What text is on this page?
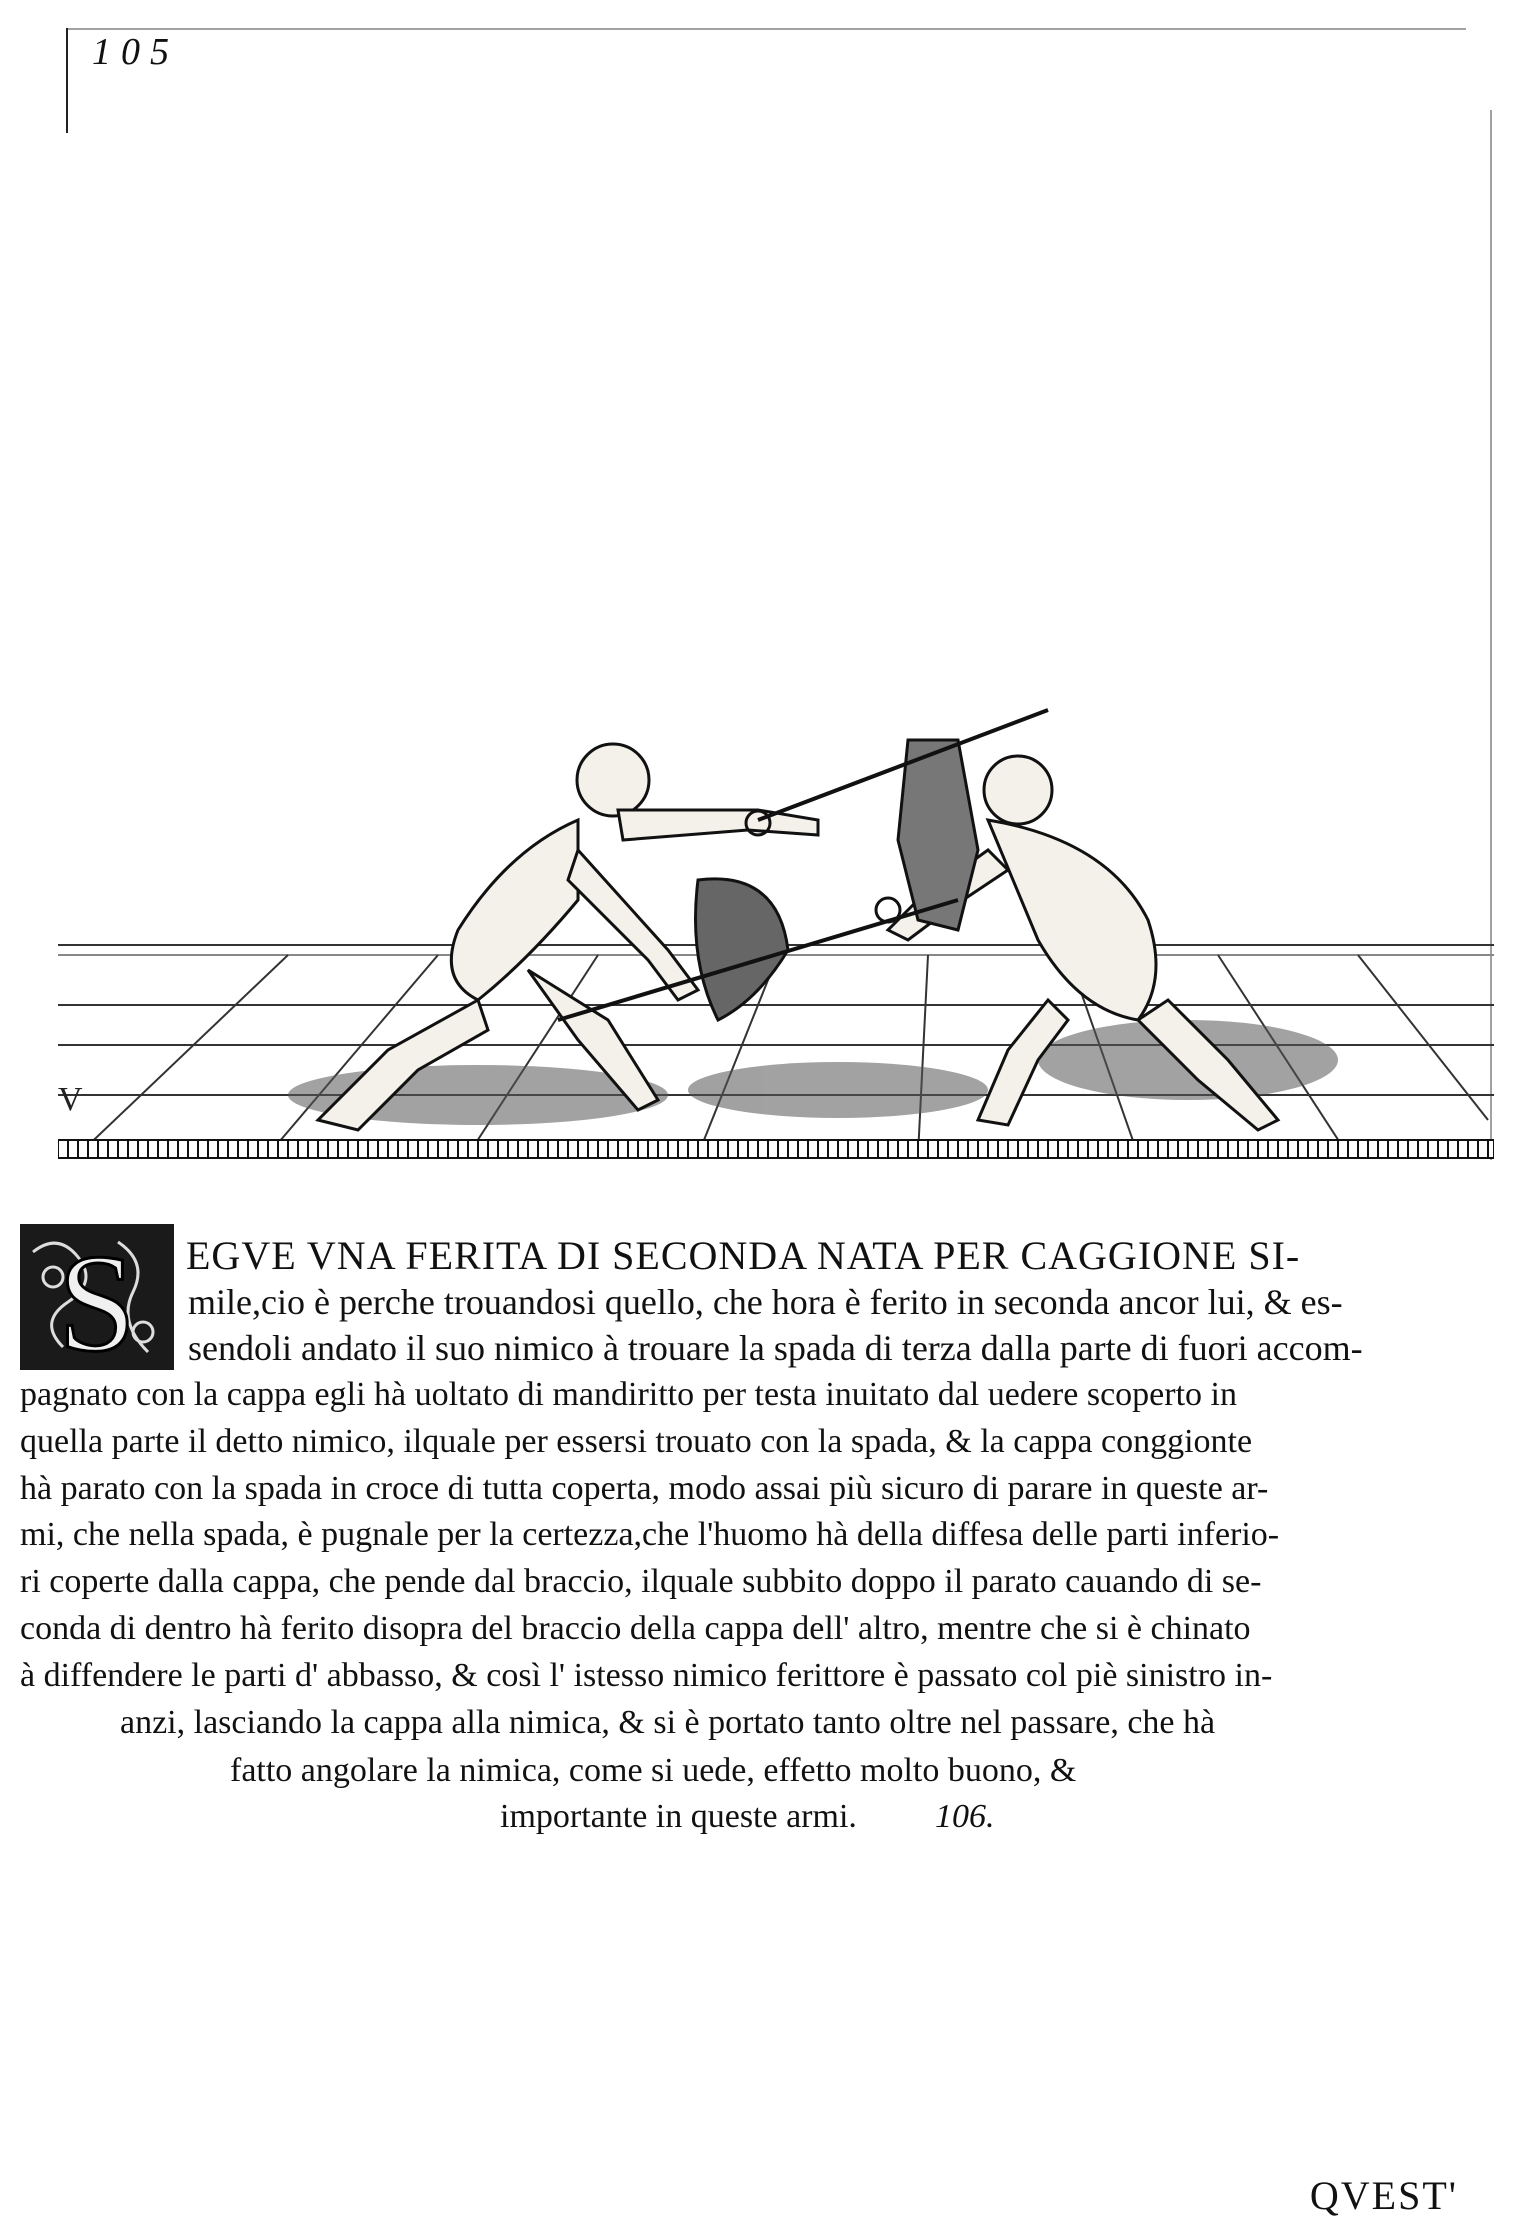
105
V
S EGVE VNA FERITA DI SECONDA NATA PER CAGGIONE SI-
mile,cio è perche trouandosi quello, che hora è ferito in seconda ancor lui, & es-
sendoli andato il suo nimico à trouare la spada di terza dalla parte di fuori accom-
pagnato con la cappa egli hà uoltato di mandiritto per testa inuitato dal uedere scoperto in
quella parte il detto nimico, ilquale per essersi trouato con la spada, & la cappa conggionte
hà parato con la spada in croce di tutta coperta, modo assai più sicuro di parare in queste ar-
mi, che nella spada, è pugnale per la certezza,che l'huomo hà della diffesa delle parti inferio-
ri coperte dalla cappa, che pende dal braccio, ilquale subbito doppo il parato cauando di se-
conda di dentro hà ferito disopra del braccio della cappa dell' altro, mentre che si è chinato
à diffendere le parti d' abbasso, & così l' istesso nimico ferittore è passato col piè sinistro in-
anzi, lasciando la cappa alla nimica, & si è portato tanto oltre nel passare, che hà
fatto angolare la nimica, come si uede, effetto molto buono, &
importante in queste armi. 106.
QVEST'
